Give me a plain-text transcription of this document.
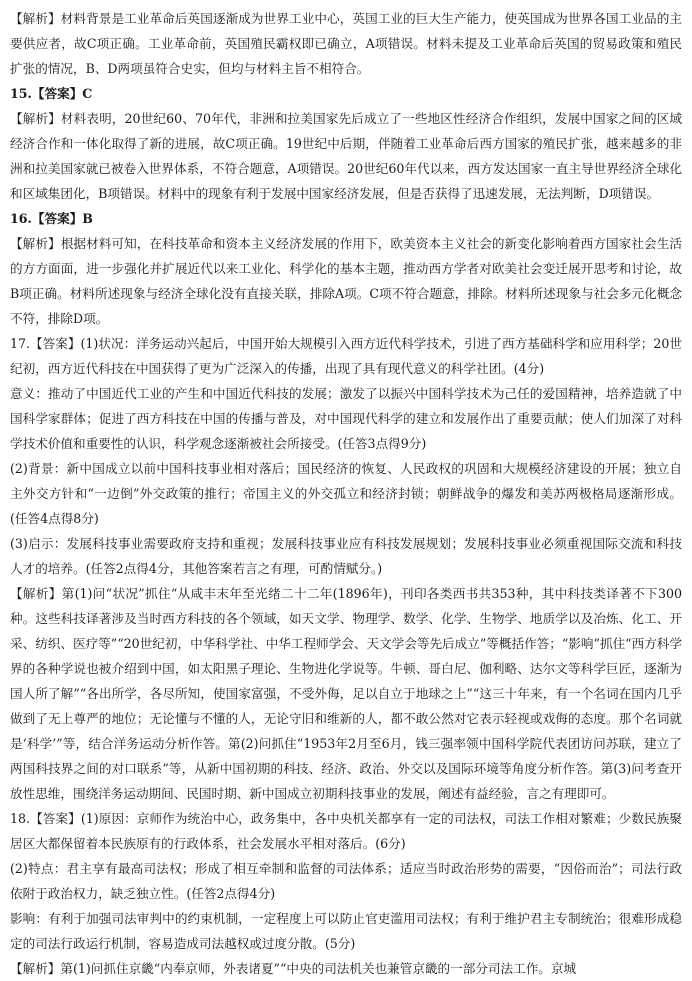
【解析】材料背景是工业革命后英国逐渐成为世界工业中心，英国工业的巨大生产能力，使英国成为世界各国工业品的主要供应者，故C项正确。工业革命前，英国殖民霸权即已确立，A项错误。材料未提及工业革命后英国的贸易政策和殖民扩张的情况，B、D两项虽符合史实，但均与材料主旨不相符合。

15.【答案】C

【解析】材料表明，20世纪60、70年代，非洲和拉美国家先后成立了一些地区性经济合作组织，发展中国家之间的区域经济合作和一体化取得了新的进展，故C项正确。19世纪中后期，伴随着工业革命后西方国家的殖民扩张，越来越多的非洲和拉美国家就已被卷入世界体系，不符合题意，A项错误。20世纪60年代以来，西方发达国家一直主导世界经济全球化和区域集团化，B项错误。材料中的现象有利于发展中国家经济发展，但是否获得了迅速发展，无法判断，D项错误。

16.【答案】B

【解析】根据材料可知，在科技革命和资本主义经济发展的作用下，欧美资本主义社会的新变化影响着西方国家社会生活的方方面面，进一步强化并扩展近代以来工业化、科学化的基本主题，推动西方学者对欧美社会变迁展开思考和讨论，故B项正确。材料所述现象与经济全球化没有直接关联，排除A项。C项不符合题意，排除。材料所述现象与社会多元化概念不符，排除D项。

17.【答案】(1)状况：洋务运动兴起后，中国开始大规模引入西方近代科学技术，引进了西方基础科学和应用科学；20世纪初，西方近代科技在中国获得了更为广泛深入的传播，出现了具有现代意义的科学社团。(4分)

意义：推动了中国近代工业的产生和中国近代科技的发展；激发了以振兴中国科学技术为己任的爱国精神，培养造就了中国科学家群体；促进了西方科技在中国的传播与普及，对中国现代科学的建立和发展作出了重要贡献；使人们加深了对科学技术价值和重要性的认识，科学观念逐渐被社会所接受。(任答3点得9分)

(2)背景：新中国成立以前中国科技事业相对落后；国民经济的恢复、人民政权的巩固和大规模经济建设的开展；独立自主外交方针和“一边倒”外交政策的推行；帝国主义的外交孤立和经济封锁；朝鲜战争的爆发和美苏两极格局逐渐形成。(任答4点得8分)

(3)启示：发展科技事业需要政府支持和重视；发展科技事业应有科技发展规划；发展科技事业必须重视国际交流和科技人才的培养。(任答2点得4分，其他答案若言之有理，可酌情赋分。)

【解析】第(1)问“状况”抓住“从咸丰末年至光绪二十二年(1896年)，刊印各类西书共353种，其中科技类译著不下300种。这些科技译著涉及当时西方科技的各个领域，如天文学、物理学、数学、化学、生物学、地质学以及冶炼、化工、开采、纺织、医疗等”“20世纪初，中华科学社、中华工程师学会、天文学会等先后成立”等概括作答；“影响”抓住“西方科学界的各种学说也被介绍到中国，如太阳黑子理论、生物进化学说等。牛顿、哥白尼、伽利略、达尔文等科学巨匠，逐渐为国人所了解”“各出所学，各尽所知，使国家富强，不受外侮，足以自立于地球之上”“这三十年来，有一个名词在国内几乎做到了无上尊严的地位；无论懂与不懂的人，无论守旧和维新的人，都不敢公然对它表示轻视或戏侮的态度。那个名词就是‘科学’”等，结合洋务运动分析作答。第(2)问抓住“1953年2月至6月，钱三强率领中国科学院代表团访问苏联，建立了两国科技界之间的对口联系”等，从新中国初期的科技、经济、政治、外交以及国际环境等角度分析作答。第(3)问考查开放性思维，围绕洋务运动期间、民国时期、新中国成立初期科技事业的发展，阐述有益经验，言之有理即可。

18.【答案】(1)原因：京师作为统治中心，政务集中，各中央机关都享有一定的司法权，司法工作相对繁难；少数民族聚居区大都保留着本民族原有的行政体系，社会发展水平相对落后。(6分)

(2)特点：君主享有最高司法权；形成了相互牵制和监督的司法体系；适应当时政治形势的需要，“因俗而治”；司法行政依附于政治权力，缺乏独立性。(任答2点得4分)

影响：有利于加强司法审判中的约束机制，一定程度上可以防止官吏滥用司法权；有利于维护君主专制统治；很难形成稳定的司法行政运行机制，容易造成司法越权或过度分散。(5分)

【解析】第(1)问抓住京畿“内奉京师，外表诸夏”“中央的司法机关也兼管京畿的一部分司法工作。京城
